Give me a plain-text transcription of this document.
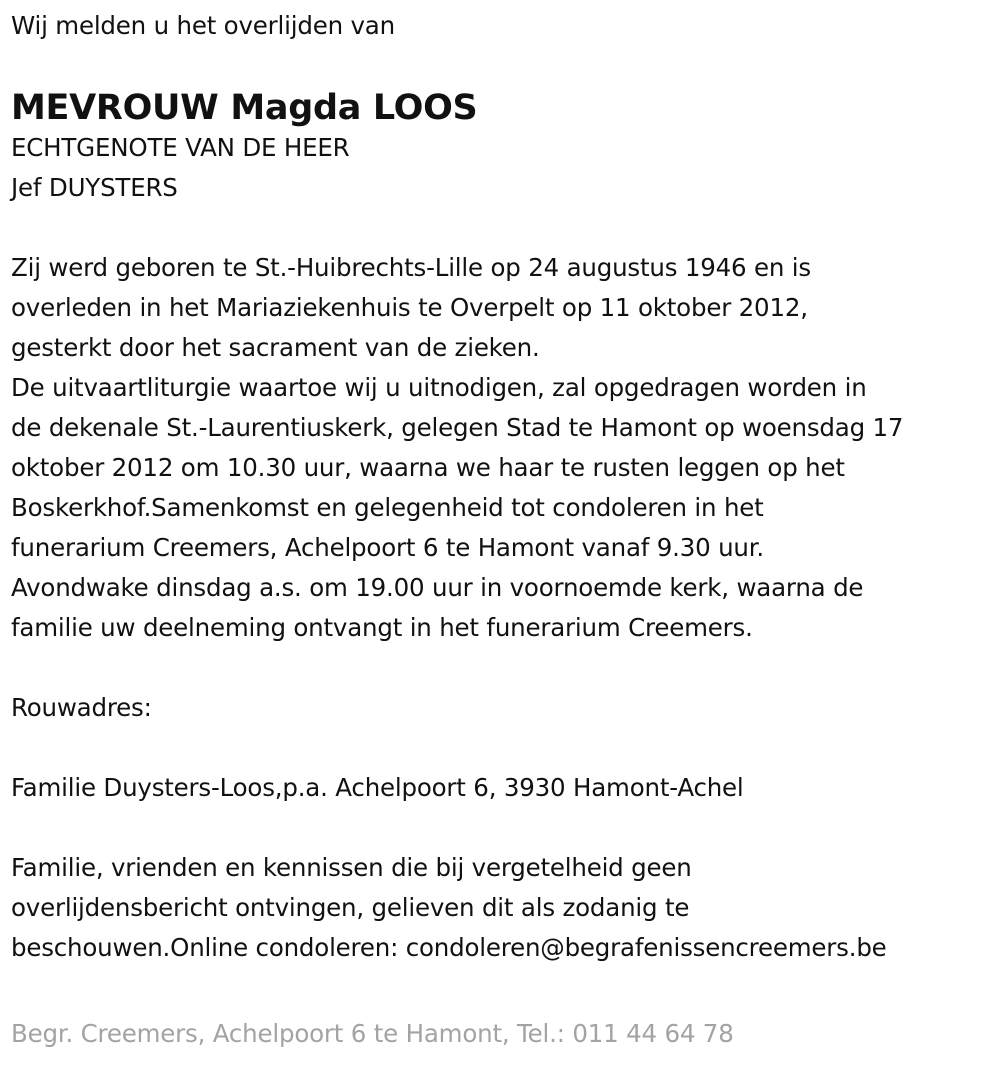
Wij melden u het overlijden van
MEVROUW Magda LOOS
ECHTGENOTE VAN DE HEER
Jef DUYSTERS
Zij werd geboren te St.-Huibrechts-Lille op 24 augustus 1946 en is
overleden in het Mariaziekenhuis te Overpelt op 11 oktober 2012,
gesterkt door het sacrament van de zieken.
De uitvaartliturgie waartoe wij u uitnodigen, zal opgedragen worden in
de dekenale St.-Laurentiuskerk, gelegen Stad te Hamont op woensdag 17
oktober 2012 om 10.30 uur, waarna we haar te rusten leggen op het
Boskerkhof.Samenkomst en gelegenheid tot condoleren in het
funerarium Creemers, Achelpoort 6 te Hamont vanaf 9.30 uur.
Avondwake dinsdag a.s. om 19.00 uur in voornoemde kerk, waarna de
familie uw deelneming ontvangt in het funerarium Creemers.
Rouwadres:
Familie Duysters-Loos,p.a. Achelpoort 6, 3930 Hamont-Achel
Familie, vrienden en kennissen die bij vergetelheid geen
overlijdensbericht ontvingen, gelieven dit als zodanig te
beschouwen.Online condoleren: condoleren@begrafenissencreemers.be
Begr. Creemers, Achelpoort 6 te Hamont, Tel.: 011 44 64 78
